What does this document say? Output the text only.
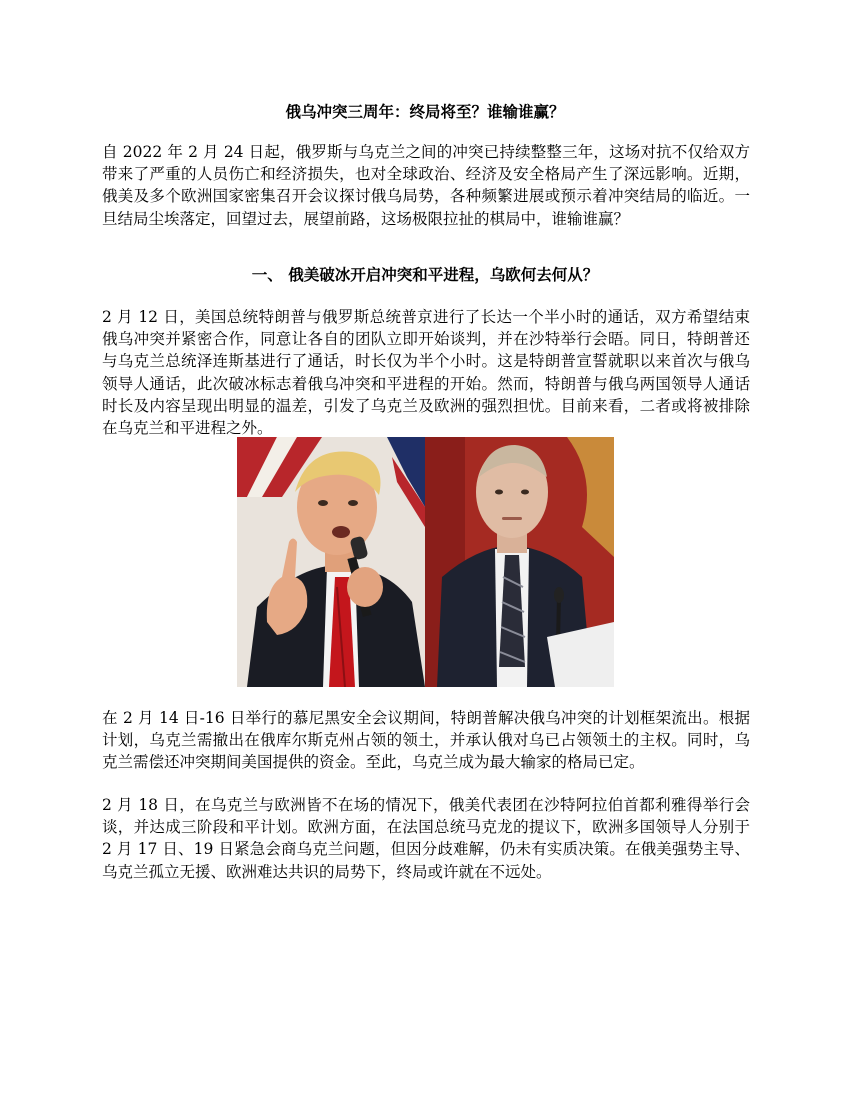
俄乌冲突三周年：终局将至？谁输谁赢？

自 2022 年 2 月 24 日起，俄罗斯与乌克兰之间的冲突已持续整整三年，这场对抗不仅给双方带来了严重的人员伤亡和经济损失，也对全球政治、经济及安全格局产生了深远影响。近期，俄美及多个欧洲国家密集召开会议探讨俄乌局势，各种频繁进展或预示着冲突结局的临近。一旦结局尘埃落定，回望过去，展望前路，这场极限拉扯的棋局中，谁输谁赢？

一、 俄美破冰开启冲突和平进程，乌欧何去何从？

2 月 12 日，美国总统特朗普与俄罗斯总统普京进行了长达一个半小时的通话，双方希望结束俄乌冲突并紧密合作，同意让各自的团队立即开始谈判，并在沙特举行会晤。同日，特朗普还与乌克兰总统泽连斯基进行了通话，时长仅为半个小时。这是特朗普宣誓就职以来首次与俄乌领导人通话，此次破冰标志着俄乌冲突和平进程的开始。然而，特朗普与俄乌两国领导人通话时长及内容呈现出明显的温差，引发了乌克兰及欧洲的强烈担忧。目前来看，二者或将被排除在乌克兰和平进程之外。

在 2 月 14 日-16 日举行的慕尼黑安全会议期间，特朗普解决俄乌冲突的计划框架流出。根据计划，乌克兰需撤出在俄库尔斯克州占领的领土，并承认俄对乌已占领领土的主权。同时，乌克兰需偿还冲突期间美国提供的资金。至此，乌克兰成为最大输家的格局已定。

2 月 18 日，在乌克兰与欧洲皆不在场的情况下，俄美代表团在沙特阿拉伯首都利雅得举行会谈，并达成三阶段和平计划。欧洲方面，在法国总统马克龙的提议下，欧洲多国领导人分别于 2 月 17 日、19 日紧急会商乌克兰问题，但因分歧难解，仍未有实质决策。在俄美强势主导、乌克兰孤立无援、欧洲难达共识的局势下，终局或许就在不远处。
